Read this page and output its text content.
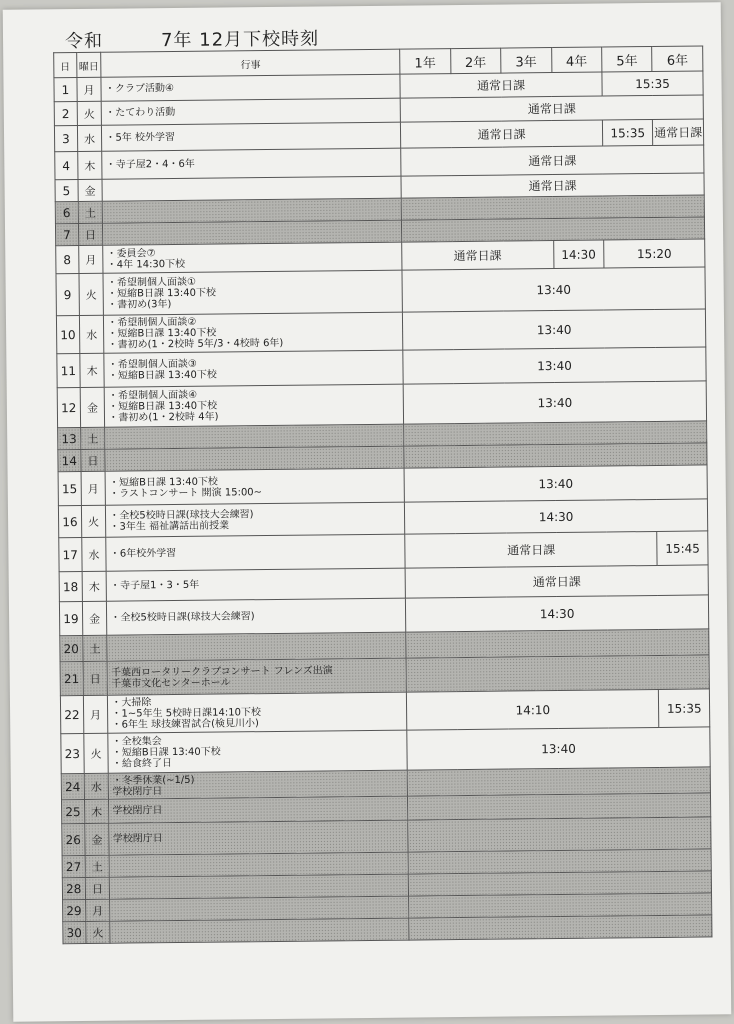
令和	7年 12月下校時刻
日	曜日	行事	1年	2年	3年	4年	5年	6年
1	月	・クラブ活動④	通常日課				15:35	
2	火	・たてわり活動	通常日課					
3	水	・5年 校外学習	通常日課				15:35	通常日課
4	木	・寺子屋2・4・6年	通常日課					
5	金		通常日課					
6	土						

7	日						

8	月	・委員会⑦
・4年 14:30下校	通常日課			14:30	15:20	
9	火	・希望制個人面談①
・短縮B日課 13:40下校
・書初め(3年)	13:40					
10	水	・希望制個人面談②
・短縮B日課 13:40下校
・書初め(1・2校時 5年/3・4校時 6年)	13:40					
11	木	・希望制個人面談③
・短縮B日課 13:40下校	13:40					
12	金	・希望制個人面談④
・短縮B日課 13:40下校
・書初め(1・2校時 4年)	13:40					
13	土						

14	日						

15	月	・短縮B日課 13:40下校
・ラストコンサート 開演 15:00~	13:40					
16	火	・全校5校時日課(球技大会練習)
・3年生 福祉講話出前授業	14:30					
17	水	・6年校外学習	通常日課					15:45
18	木	・寺子屋1・3・5年	通常日課					
19	金	・全校5校時日課(球技大会練習)	14:30					
20	土						

21	日	千葉西ロータリークラブコンサート フレンズ出演
千葉市文化センターホール						

22	月	・大掃除
・1~5年生 5校時日課14:10下校
・6年生 球技練習試合(検見川小)	14:10					15:35
23	火	・全校集会
・短縮B日課 13:40下校
・給食終了日	13:40					
24	水	・冬季休業(~1/5)
学校閉庁日						

25	木	学校閉庁日						

26	金	学校閉庁日						

27	土						

28	日						

29	月						

30	火						
